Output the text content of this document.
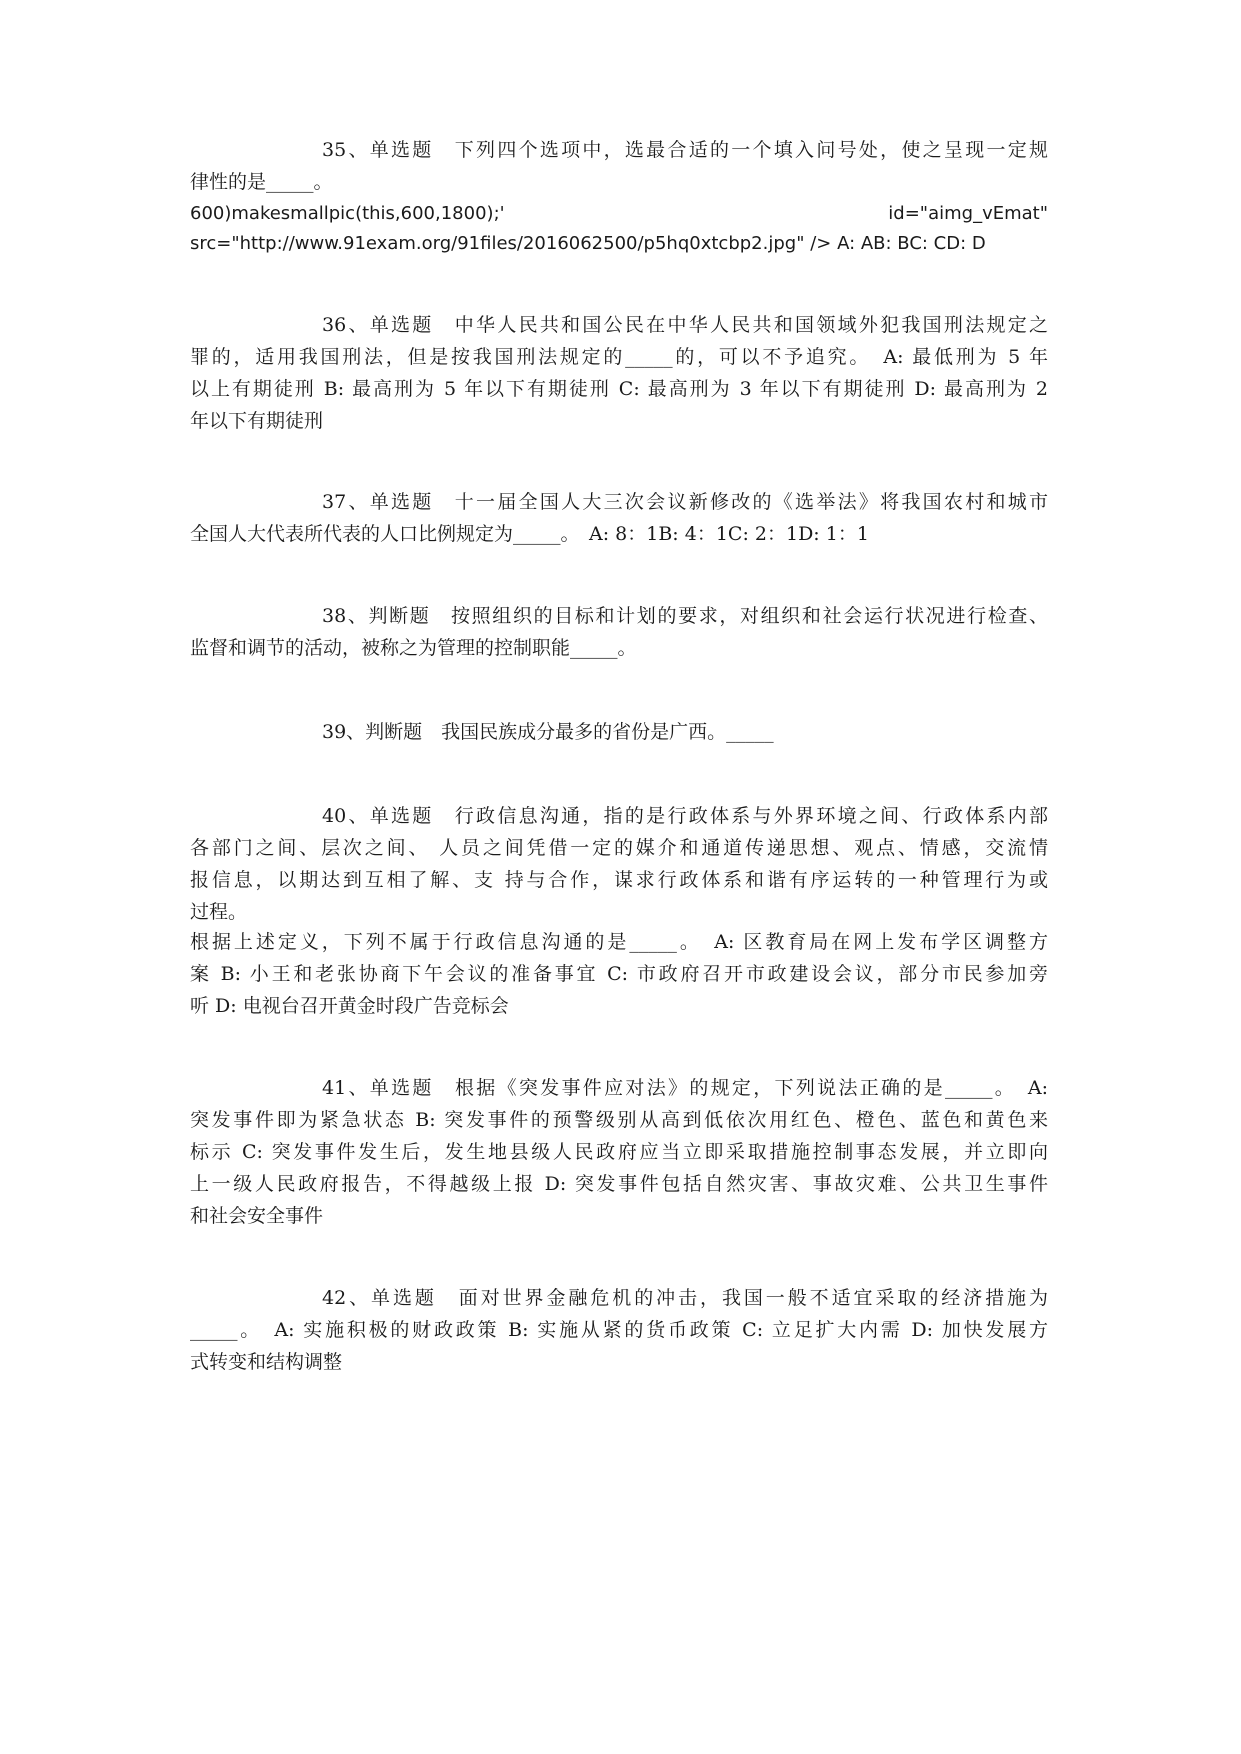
35、单选题　下列四个选项中，选最合适的一个填入问号处，使之呈现一定规
律性的是_____。
600)makesmallpic(this,600,1800);' id="aimg_vEmat"
src="http://www.91exam.org/91files/2016062500/p5hq0xtcbp2.jpg" /> A: AB: BC: CD: D
36、单选题　中华人民共和国公民在中华人民共和国领域外犯我国刑法规定之
罪的，适用我国刑法，但是按我国刑法规定的_____的，可以不予追究。　A: 最低刑为 5 年
以上有期徒刑 B: 最高刑为 5 年以下有期徒刑 C: 最高刑为 3 年以下有期徒刑 D: 最高刑为 2
年以下有期徒刑
37、单选题　十一届全国人大三次会议新修改的《选举法》将我国农村和城市
全国人大代表所代表的人口比例规定为_____。　A: 8：1B: 4：1C: 2：1D: 1：1
38、判断题　按照组织的目标和计划的要求，对组织和社会运行状况进行检查、
监督和调节的活动，被称之为管理的控制职能_____。
39、判断题　我国民族成分最多的省份是广西。_____
40、单选题　行政信息沟通，指的是行政体系与外界环境之间、行政体系内部
各部门之间、层次之间、 人员之间凭借一定的媒介和通道传递思想、观点、情感，交流情
报信息，以期达到互相了解、支 持与合作，谋求行政体系和谐有序运转的一种管理行为或
过程。
根据上述定义，下列不属于行政信息沟通的是_____。　A: 区教育局在网上发布学区调整方
案 B: 小王和老张协商下午会议的准备事宜 C: 市政府召开市政建设会议，部分市民参加旁
听 D: 电视台召开黄金时段广告竞标会
41、单选题　根据《突发事件应对法》的规定，下列说法正确的是_____。　A:
突发事件即为紧急状态 B: 突发事件的预警级别从高到低依次用红色、橙色、蓝色和黄色来
标示 C: 突发事件发生后，发生地县级人民政府应当立即采取措施控制事态发展，并立即向
上一级人民政府报告，不得越级上报 D: 突发事件包括自然灾害、事故灾难、公共卫生事件
和社会安全事件
42、单选题　面对世界金融危机的冲击，我国一般不适宜采取的经济措施为
_____。　A: 实施积极的财政政策 B: 实施从紧的货币政策 C: 立足扩大内需 D: 加快发展方
式转变和结构调整
